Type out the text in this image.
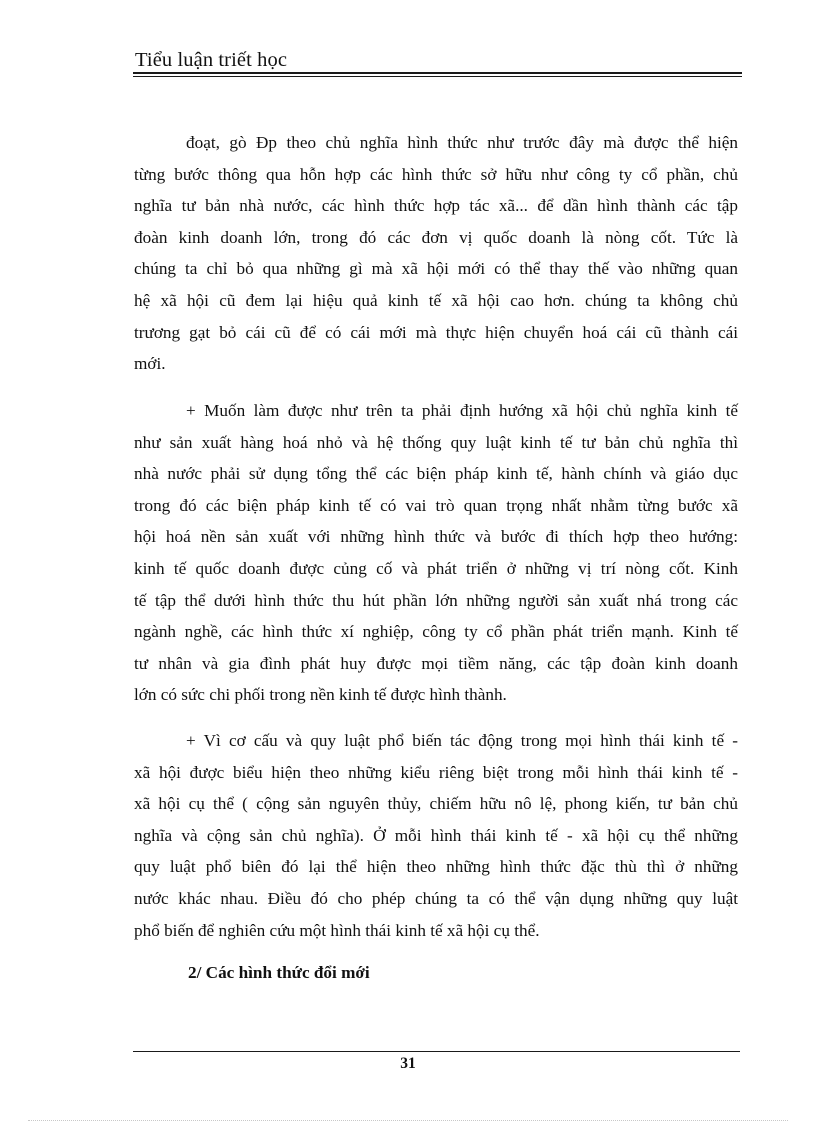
Tiểu luận triết học

đoạt, gò Đp theo chủ nghĩa hình thức như trước đây mà được thể hiện

từng bước thông qua hỗn hợp các hình thức sở hữu như công ty cổ phần, chủ

nghĩa tư bản nhà nước, các hình thức hợp tác xã... để dần hình thành các tập

đoàn kinh doanh lớn, trong đó các đơn vị quốc doanh là nòng cốt. Tức là

chúng ta chỉ bỏ qua những gì mà xã hội mới có thể thay thế vào những quan

hệ xã hội cũ đem lại hiệu quả kinh tế xã hội cao hơn. chúng ta không chủ

trương gạt bỏ cái cũ để có cái mới mà thực hiện chuyển hoá cái cũ thành cái

mới.

+ Muốn làm được như trên ta phải định hướng xã hội chủ nghĩa kinh tế

như sản xuất hàng hoá nhỏ và hệ thống quy luật kinh tế tư bản chủ nghĩa thì

nhà nước phải sử dụng tổng thể các biện pháp kinh tế, hành chính và giáo dục

trong đó các biện pháp kinh tế có vai trò quan trọng nhất nhằm từng bước xã

hội hoá nền sản xuất với những hình thức và bước đi thích hợp theo hướng:

kinh tế quốc doanh được củng cố và phát triển ở những vị trí nòng cốt. Kinh

tế tập thể dưới hình thức thu hút phần lớn những người sản xuất nhá trong các

ngành nghề, các hình thức xí nghiệp, công ty cổ phần phát triển mạnh. Kinh tế

tư nhân và gia đình phát huy được mọi tiềm năng, các tập đoàn kinh doanh

lớn có sức chi phối trong nền kinh tế được hình thành.

+ Vì cơ cấu và quy luật phổ biến tác động trong mọi hình thái kinh tế -

xã hội được biểu hiện theo những kiểu riêng biệt trong mỗi hình thái kinh tế -

xã hội cụ thể ( cộng sản nguyên thủy, chiếm hữu nô lệ, phong kiến, tư bản chủ

nghĩa và cộng sản chủ nghĩa). Ở mỗi hình thái kinh tế - xã hội cụ thể những

quy luật phổ biên đó lại thể hiện theo những hình thức đặc thù thì ở những

nước khác nhau. Điều đó cho phép chúng ta có thể vận dụng những quy luật

phổ biến để nghiên cứu một hình thái kinh tế xã hội cụ thể.

2/ Các hình thức đổi mới
31
